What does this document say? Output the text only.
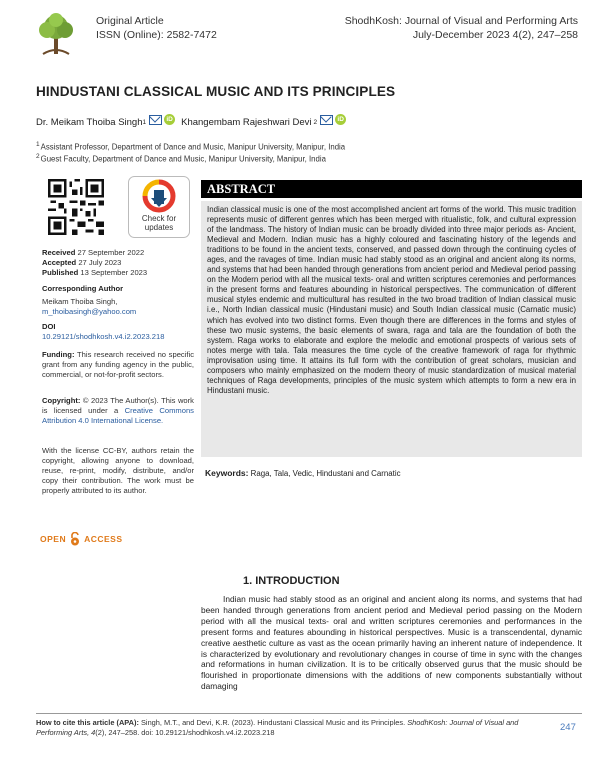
Original Article
ISSN (Online): 2582-7472
ShodhKosh: Journal of Visual and Performing Arts
July-December 2023 4(2), 247–258
HINDUSTANI CLASSICAL MUSIC AND ITS PRINCIPLES
Dr. Meikam Thoiba Singh 1	iD Khangembam Rajeshwari Devi 2	iD
$^1$Assistant Professor, Department of Dance and Music, Manipur University, Manipur, India
$^2$Guest Faculty, Department of Dance and Music, Manipur University, Manipur, India
Check for
updates
Received 27 September 2022
Accepted 27 July 2023
Published 13 September 2023
Corresponding Author
Meikam Thoiba Singh,
m_thoibasingh@yahoo.com
DOI
10.29121/shodhkosh.v4.i2.2023.218
Funding: This research received no specific grant from any funding agency in the public, commercial, or not-for-profit sectors.
Copyright: © 2023 The Author(s). This work is licensed under a Creative Commons Attribution 4.0 International License.
With the license CC-BY, authors retain the copyright, allowing anyone to download, reuse, re-print, modify, distribute, and/or copy their contribution. The work must be properly attributed to its author.
OPEN ACCESS
ABSTRACT
Indian classical music is one of the most accomplished ancient art forms of the world. This music tradition represents music of different genres which has been merged with ritualistic, folk, and cultural expression of the landmass. The history of Indian music can be broadly divided into three major periods as- Ancient, Medieval and Modern. Indian music has a highly coloured and fascinating history of the legends and traditions to be found in the ancient texts, conserved, and passed down through the continuing cycles of ages, and the ravages of time. Indian music had stably stood as an original and ancient along its norms, and systems that had been handed through generations from ancient period and Medieval period passing on the Modern period with all the musical texts- oral and written scriptures ceremonies and performances in the present forms and features abounding in historical perspectives. The communication of different musical styles endemic and multicultural has resulted in the two broad tradition of Indian classical music i.e., North Indian classical music (Hindustani music) and South Indian classical music (Carnatic music) which has evolved into two distinct forms. Even though there are differences in the forms and styles of these two music systems, the basic elements of swara, raga and tala are the foundation of both the system. Raga works to elaborate and explore the melodic and emotional prospects of various sets of notes merge with tala. Tala measures the time cycle of the creative framework of raga for rhythmic improvisation using time. It attains its full form with the contribution of great scholars, musician and composers who mainly emphasized on the modern theory of music standardization of musical material techniques of Raga developments, principles of the music system which attempts to form a new era in Hindustani music.
Keywords: Raga, Tala, Vedic, Hindustani and Carnatic
1. INTRODUCTION
Indian music had stably stood as an original and ancient along its norms, and systems that had been handed through generations from ancient period and Medieval period passing on the Modern period with all the musical texts- oral and written scriptures ceremonies and performances in the present forms and features abounding in historical perspectives. Music is a transcendental, dynamic creative aesthetic culture as vast as the ocean primarily having an inherent nature of independence. It is characterized by evolutionary and revolutionary changes in course of time in sync with the changes and reformations in human civilization. It is to be critically observed gurus that the music should be flourished in proportionate dimensions with the additions of new components substantially without damaging
How to cite this article (APA): Singh, M.T., and Devi, K.R. (2023). Hindustani Classical Music and its Principles. ShodhKosh: Journal of Visual and Performing Arts, 4(2), 247–258. doi: 10.29121/shodhkosh.v4.i2.2023.218	247
